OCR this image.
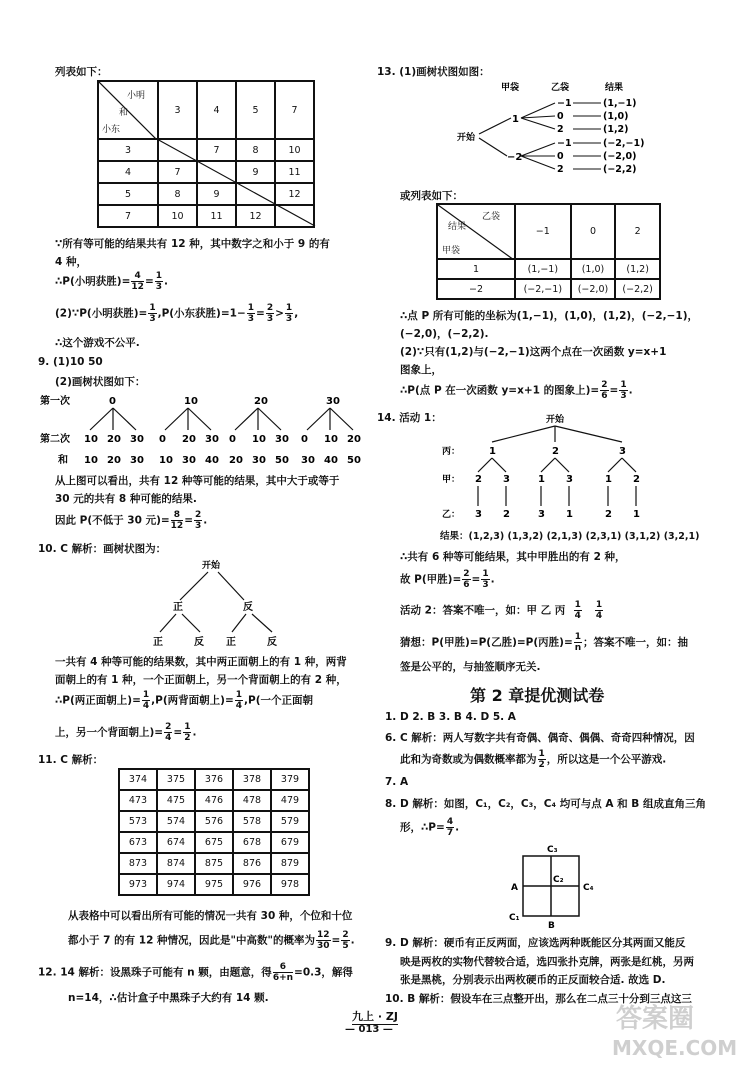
列表如下：
小明
和
小东	3	4	5	7
3		7	8	10
4	7		9	11
5	8	9		12
7	10	11	12	

∵所有等可能的结果共有 12 种，其中数字之和小于 9 的有
4 种，
∴P(小明获胜)= $\frac{4}{12} = \frac{1}{3}$ .
(2)∵P(小明获胜)= $\frac{1}{3} ,P$(小东获胜)$=1- \frac{1}{3} = \frac{2}{3} > \frac{1}{3}$ ,
∴这个游戏不公平.
9. (1)10 50
(2)画树状图如下：
第一次
第二次
和
0
10
10
20
20
30
30
10
0
10
20
30
30
40
20
0
20
10
30
30
50
30
0
30
10
40
20
50
从上图可以看出，共有 12 种等可能的结果，其中大于或等于
30 元的共有 8 种可能的结果.
因此 P(不低于 30 元)= $\frac{8}{12} = \frac{2}{3}$ .
10. C 解析：画树状图为：
开始
正	反
正	反 正	反
一共有 4 种等可能的结果数，其中两正面朝上的有 1 种，两背
面朝上的有 1 种，一个正面朝上，另一个背面朝上的有 2 种，
∴P(两正面朝上)= $\frac{1}{4} ,P$(两背面朝上)= $\frac{1}{4} ,P$(一个正面朝
上，另一个背面朝上)= $\frac{2}{4} = \frac{1}{2}$ .
11. C 解析：
374	375	376	378	379
473	475	476	478	479
573	574	576	578	579
673	674	675	678	679
873	874	875	876	879
973	974	975	976	978
从表格中可以看出所有可能的情况一共有 30 种，个位和十位
都小于 7 的有 12 种情况，因此是"中高数"的概率为 $\frac{12}{30} = \frac{2}{5}$ .
12. 14 解析：设黑珠子可能有 n 颗，由题意，得 $\frac{6}{6+n} =0.3$，解得
n=14，∴估计盒子中黑珠子大约有 14 颗.
13. (1)画树状图如图：
甲袋	乙袋	结果
开始
1
−2
−1	(1,−1)
0	(1,0)
2	(1,2)
−1	(−2,−1)
0	(−2,0)
2	(−2,2)
或列表如下：
乙袋
结果
甲袋	−1	0	2
1	(1,−1)	(1,0)	(1,2)
−2	(−2,−1)	(−2,0)	(−2,2)
∴点 P 所有可能的坐标为(1,−1)，(1,0)，(1,2)，(−2,−1)，
(−2,0)，(−2,2).
(2)∵只有(1,2)与(−2,−1)这两个点在一次函数 y=x+1
图象上，
∴P(点 P 在一次函数 y=x+1 的图象上)= $\frac{2}{6} = \frac{1}{3}$ .
14. 活动 1：	开始
丙：
甲：
乙：
1
2
3
3
2
2
1
3
3
1
3
1
2
2
1
结果：(1,2,3) (1,3,2) (2,1,3) (2,3,1) (3,1,2) (3,2,1)
∴共有 6 种等可能结果，其中甲胜出的有 2 种，
故 P(甲胜)= $\frac{2}{6} = \frac{1}{3}$ .
活动 2：答案不唯一，如：甲 乙 丙 $\frac{1}{4}$
$\frac{1}{4}$
猜想：P(甲胜)=P(乙胜)=P(丙胜)= $\frac{1}{n}$ ；答案不唯一，如：抽
签是公平的，与抽签顺序无关.
第 2 章提优测试卷
1. D 2. B 3. B 4. D 5. A
6. C 解析：两人写数字共有奇偶、偶奇、偶偶、奇奇四种情况，因
此和为奇数或为偶数概率都为 $\frac{1}{2}$ ，所以这是一个公平游戏.
7. A
8. D 解析：如图，C₁，C₂，C₃，C₄ 均可与点 A 和 B 组成直角三角
形，∴P= $\frac{4}{7}$ .
C₃
C₂
C₄
C₁
A
B
9. D 解析：硬币有正反两面，应该选两种既能区分其两面又能反
映是两枚的实物代替较合适，选四张扑克牌，两张是红桃，另两
张是黑桃，分别表示出两枚硬币的正反面较合适. 故选 D.
10. B 解析：假设车在三点整开出，那么在二点三十分到三点这三
九上 · ZJ
— 013 —	答案圈
MXQE.COM
